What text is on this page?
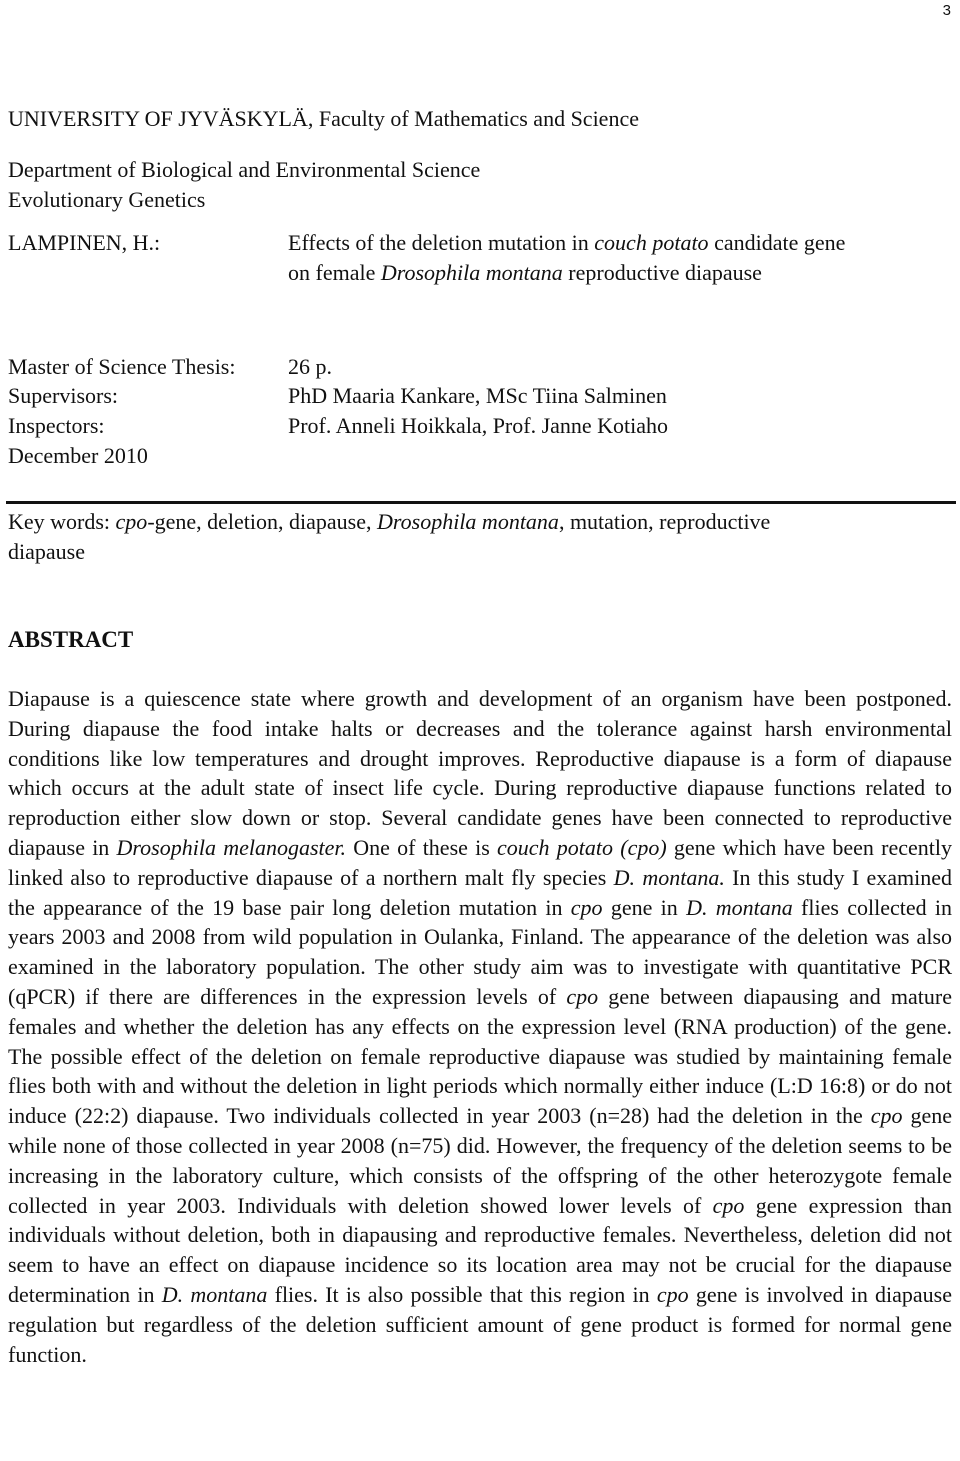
3
UNIVERSITY OF JYVÄSKYLÄ, Faculty of Mathematics and Science
Department of Biological and Environmental Science
Evolutionary Genetics
LAMPINEN, H.:	Effects of the deletion mutation in couch potato candidate gene
on female Drosophila montana reproductive diapause
Master of Science Thesis: 26 p.
Supervisors:	PhD Maaria Kankare, MSc Tiina Salminen
Inspectors:	Prof. Anneli Hoikkala, Prof. Janne Kotiaho
December 2010
Key words: cpo-gene, deletion, diapause, Drosophila montana, mutation, reproductive
diapause
ABSTRACT

Diapause is a quiescence state where growth and development of an organism have been postponed. During diapause the food intake halts or decreases and the tolerance against harsh environmental conditions like low temperatures and drought improves. Reproductive diapause is a form of diapause which occurs at the adult state of insect life cycle. During reproductive diapause functions related to reproduction either slow down or stop. Several candidate genes have been connected to reproductive diapause in Drosophila melanogaster. One of these is couch potato (cpo) gene which have been recently linked also to reproductive diapause of a northern malt fly species D. montana. In this study I examined the appearance of the 19 base pair long deletion mutation in cpo gene in D. montana flies collected in years 2003 and 2008 from wild population in Oulanka, Finland. The appearance of the deletion was also examined in the laboratory population. The other study aim was to investigate with quantitative PCR (qPCR) if there are differences in the expression levels of cpo gene between diapausing and mature females and whether the deletion has any effects on the expression level (RNA production) of the gene. The possible effect of the deletion on female reproductive diapause was studied by maintaining female flies both with and without the deletion in light periods which normally either induce (L:D 16:8) or do not induce (22:2) diapause. Two individuals collected in year 2003 (n=28) had the deletion in the cpo gene while none of those collected in year 2008 (n=75) did. However, the frequency of the deletion seems to be increasing in the laboratory culture, which consists of the offspring of the other heterozygote female collected in year 2003. Individuals with deletion showed lower levels of cpo gene expression than individuals without deletion, both in diapausing and reproductive females. Nevertheless, deletion did not seem to have an effect on diapause incidence so its location area may not be crucial for the diapause determination in D. montana flies. It is also possible that this region in cpo gene is involved in diapause regulation but regardless of the deletion sufficient amount of gene product is formed for normal gene function.
